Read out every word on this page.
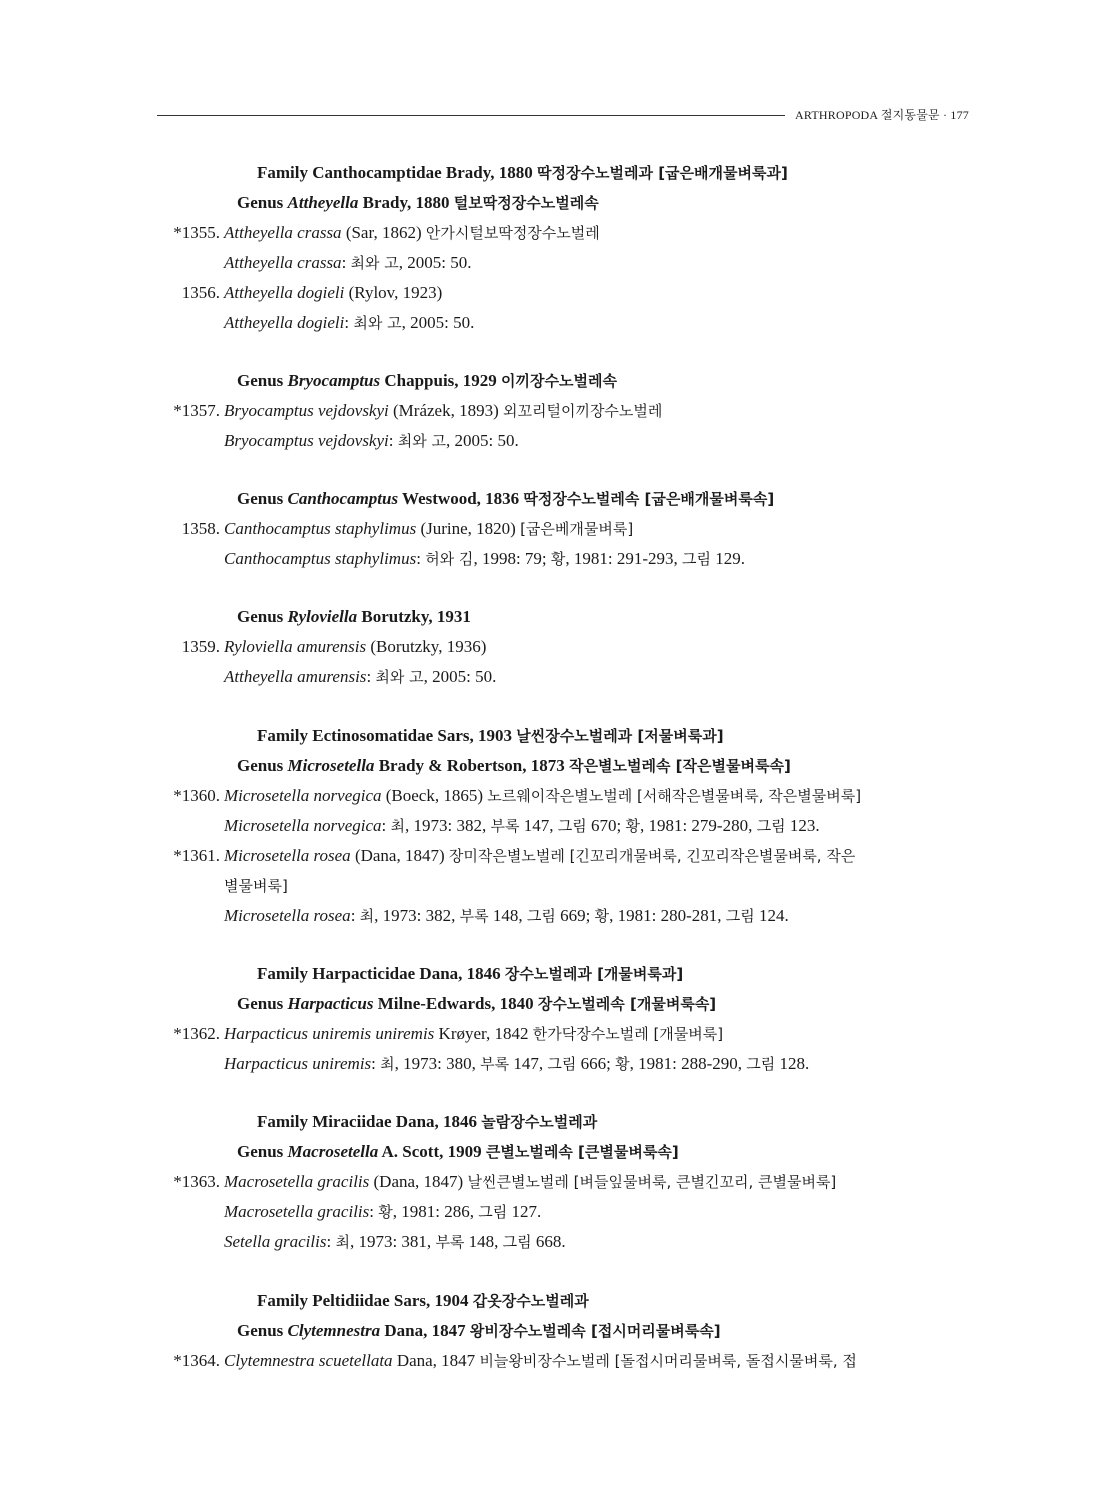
ARTHROPODA 절지동물문 · 177
Family Canthocamptidae Brady, 1880 딱정장수노벌레과 [굽은배개물벼룩과]
Genus Attheyella Brady, 1880 털보딱정장수노벌레속
*1355. Attheyella crassa (Sar, 1862) 안가시털보딱정장수노벌레
Attheyella crassa: 최와 고, 2005: 50.
1356. Attheyella dogieli (Rylov, 1923)
Attheyella dogieli: 최와 고, 2005: 50.
Genus Bryocamptus Chappuis, 1929 이끼장수노벌레속
*1357. Bryocamptus vejdovskyi (Mrázek, 1893) 외꼬리털이끼장수노벌레
Bryocamptus vejdovskyi: 최와 고, 2005: 50.
Genus Canthocamptus Westwood, 1836 딱정장수노벌레속 [굽은배개물벼룩속]
1358. Canthocamptus staphylimus (Jurine, 1820) [굽은베개물벼룩]
Canthocamptus staphylimus: 허와 김, 1998: 79; 황, 1981: 291-293, 그림 129.
Genus Ryloviella Borutzky, 1931
1359. Ryloviella amurensis (Borutzky, 1936)
Attheyella amurensis: 최와 고, 2005: 50.
Family Ectinosomatidae Sars, 1903 날씬장수노벌레과 [저물벼룩과]
Genus Microsetella Brady & Robertson, 1873 작은별노벌레속 [작은별물벼룩속]
*1360. Microsetella norvegica (Boeck, 1865) 노르웨이작은별노벌레 [서해작은별물벼룩, 작은별물벼룩]
Microsetella norvegica: 최, 1973: 382, 부록 147, 그림 670; 황, 1981: 279-280, 그림 123.
*1361. Microsetella rosea (Dana, 1847) 장미작은별노벌레 [긴꼬리개물벼룩, 긴꼬리작은별물벼룩, 작은
별물벼룩]
Microsetella rosea: 최, 1973: 382, 부록 148, 그림 669; 황, 1981: 280-281, 그림 124.
Family Harpacticidae Dana, 1846 장수노벌레과 [개물벼룩과]
Genus Harpacticus Milne-Edwards, 1840 장수노벌레속 [개물벼룩속]
*1362. Harpacticus uniremis uniremis Krøyer, 1842 한가닥장수노벌레 [개물벼룩]
Harpacticus uniremis: 최, 1973: 380, 부록 147, 그림 666; 황, 1981: 288-290, 그림 128.
Family Miraciidae Dana, 1846 놀람장수노벌레과
Genus Macrosetella A. Scott, 1909 큰별노벌레속 [큰별물벼룩속]
*1363. Macrosetella gracilis (Dana, 1847) 날씬큰별노벌레 [벼들잎물벼룩, 큰별긴꼬리, 큰별물벼룩]
Macrosetella gracilis: 황, 1981: 286, 그림 127.
Setella gracilis: 최, 1973: 381, 부록 148, 그림 668.
Family Peltidiidae Sars, 1904 갑옷장수노벌레과
Genus Clytemnestra Dana, 1847 왕비장수노벌레속 [접시머리물벼룩속]
*1364. Clytemnestra scuetellata Dana, 1847 비늘왕비장수노벌레 [돌접시머리물벼룩, 돌접시물벼룩, 접
